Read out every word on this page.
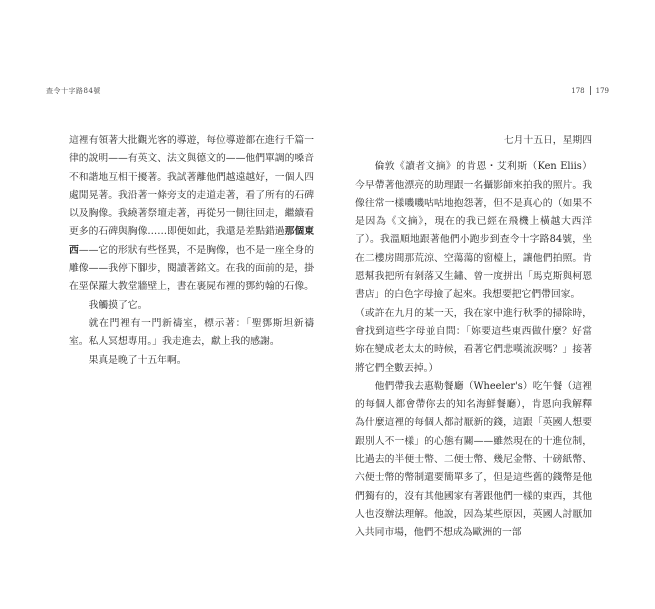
查令十字路84號	178 179

這裡有領著大批觀光客的導遊，每位導遊都在進行千篇一律的說明——有英文、法文與德文的——他們單調的嗓音不和諧地互相干擾著。我試著離他們越遠越好，一個人四處閒晃著。我沿著一條旁支的走道走著，看了所有的石碑以及胸像。我繞著祭壇走著，再從另一側往回走，繼續看更多的石碑與胸像……即便如此，我還是差點錯過那個東西——它的形狀有些怪異，不是胸像，也不是一座全身的雕像——我停下腳步，閱讀著銘文。在我的面前的是，掛在堊保羅大教堂牆壁上，書在裹屍布裡的鄧約翰的石像。

我觸摸了它。

就在門裡有一門新禱室，標示著：「聖鄧斯坦新禱室。私人冥想專用。」我走進去，獻上我的感謝。

果真是晚了十五年啊。

七月十五日，星期四

倫敦《讀者文摘》的肯恩・艾利斯（Ken Eliis）今早帶著他漂亮的助理跟一名攝影師來拍我的照片。我像往常一樣嘰嘰咕咕地抱怨著，但不是真心的（如果不是因為《文摘》，現在的我已經在飛機上橫越大西洋了）。我溫順地跟著他們小跑步到查令十字路84號，坐在二樓房間那荒涼、空蕩蕩的窗檯上，讓他們拍照。肯恩幫我把所有剝落又生鏽、曾一度拼出「馬克斯與柯恩書店」的白色字母撿了起來。我想要把它們帶回家。

（或許在九月的某一天，我在家中進行秋季的掃除時，會找到這些字母並自問：「妳要這些東西做什麼？好當妳在變成老太太的時候，看著它們悲嘆流淚嗎？」接著將它們全數丟掉。）

他們帶我去惠勒餐廳（Wheeler's）吃午餐（這裡的每個人都會帶你去的知名海鮮餐廳），肯恩向我解釋為什麼這裡的每個人都討厭新的錢，這跟「英國人想要跟別人不一樣」的心態有關——雖然現在的十進位制，比過去的半便士幣、二便士幣、幾尼金幣、十磅紙幣、六便士幣的幣制還要簡單多了，但是這些舊的錢幣是他們獨有的，沒有其他國家有著跟他們一樣的東西，其他人也沒辦法理解。他說，因為某些原因，英國人討厭加入共同市場，他們不想成為歐洲的一部
